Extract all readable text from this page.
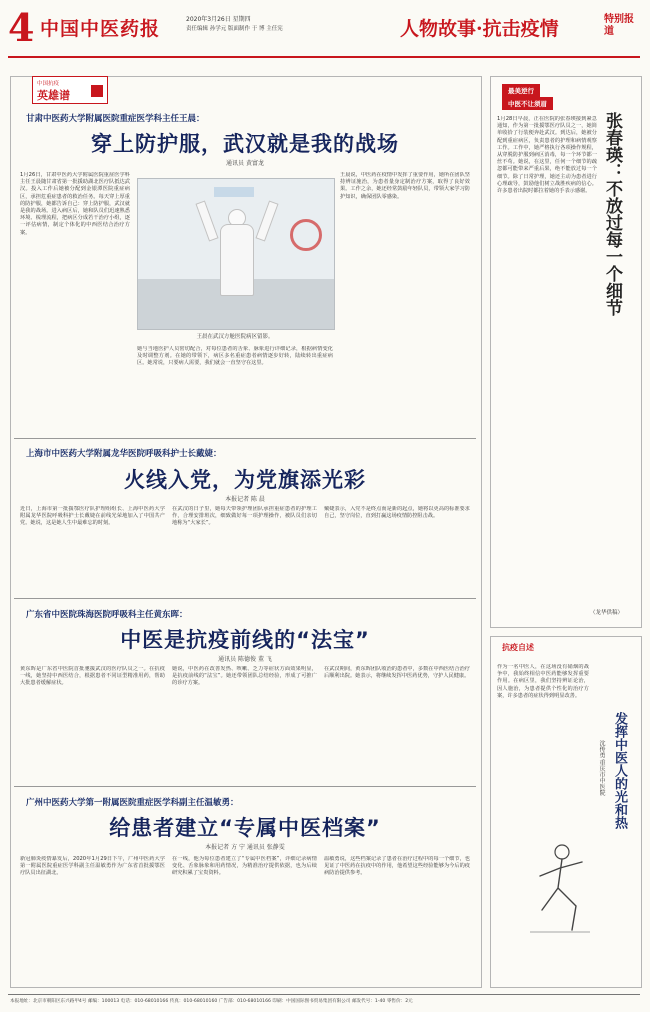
4 中国中医药报	2020年3月26日 星期四
责任编辑 孙学元 版面制作 于 博 主任宪	人物故事·抗击疫情	特别报道
中国抗疫
英雄谱
甘肃中医药大学附属医院重症医学科主任王晨：
穿上防护服，武汉就是我的战场
通讯员 黄富龙
1月26日，甘肃中医药大学附属医院重症医学科主任王晨随甘肃省第一批援助湖北医疗队抵达武汉。投入工作后她被分配到金银潭医院重症病区，承担危重症患者的救治任务。每天穿上厚重的防护服，她都告诉自己：穿上防护服，武汉就是我的战场。进入病区后，她和队员们迅速熟悉环境、梳理流程，把病区分成若干治疗小组，逐一评估病情，制定个体化的中西医结合治疗方案。
王晨在武汉方舱医院病区留影。
她与当地医护人员密切配合，对每位患者的舌象、脉象进行详细记录，根据病情变化及时调整方剂。在她的带领下，病区多名重症患者病情逐步好转，陆续转出重症病区。她常说，只要病人需要，我们就会一直坚守在这里。
王晨说，中医药在疫情中发挥了重要作用，她所在团队坚持辨证施治，为患者量身定制治疗方案，取得了良好效果。工作之余，她还经常鼓励年轻队员，带领大家学习防护知识，确保团队零感染。
上海市中医药大学附属龙华医院呼吸科护士长戴婕：
火线入党，为党旗添光彩
本报记者 陈 晨
近日，上海市第一批援鄂医疗队护理组组长、上海中医药大学附属龙华医院呼吸科护士长戴婕在前线光荣地加入了中国共产党。她说，这是她人生中最难忘的时刻。
在武汉的日子里，她每天带领护理团队承担重症患者的护理工作，合理安排班次，细致做好每一项护理操作，被队员们亲切地称为“大家长”。
戴婕表示，入党不是终点而是新的起点，她将以更高的标准要求自己，坚守岗位，直到打赢这场疫情防控阻击战。
广东省中医院珠海医院呼吸科主任黄东晖：
中医是抗疫前线的“法宝”
通讯员 陈德俊 董 飞
黄东晖是广东省中医院首批驰援武汉的医疗队员之一。在抗疫一线，她坚持中西医结合，根据患者不同证型精准用药，帮助大批患者缓解症状。
她说，中医药在改善发热、咳嗽、乏力等症状方面效果明显，是抗疫前线的“法宝”。她还带领团队总结经验，形成了可推广的诊疗方案。
在武汉期间，黄东晖团队收治的患者中，多数在中西医结合治疗后顺利出院。她表示，将继续发挥中医药优势，守护人民健康。
广州中医药大学第一附属医院重症医学科副主任温敏勇：
给患者建立“专属中医档案”
本报记者 方 宁 通讯员 张静雯
新冠肺炎疫情暴发后，2020年1月29日下午，广州中医药大学第一附属医院重症医学科副主任温敏勇作为广东省首批援鄂医疗队员出征湖北。
在一线，他为每位患者建立了“专属中医档案”，详细记录病情变化、舌象脉象和用药情况，为精准治疗提供依据，也为后续研究积累了宝贵资料。
温敏勇说，这些档案记录了患者在治疗过程中的每一个细节，也见证了中医药在抗疫中的作用，他希望这些经验能够为今后的疫病防治提供参考。
最美逆行
中医不让须眉
张春瑛：不放过每一个细节
1月28日早晨，正在医院的张春瑛接到紧急通知，作为第一批援鄂医疗队员之一，她简单收拾了行装便奔赴武汉。到达后，她被分配到重症病区，负责患者的护理和病情观察工作。工作中，她严格执行各项操作规程，从穿脱防护服到病区消毒，每一个环节都一丝不苟。她说，在这里，任何一个细节的疏忽都可能带来严重后果，绝不能放过每一个细节。除了日常护理，她还主动为患者进行心理疏导，鼓励他们树立战胜疾病的信心。许多患者出院时都拉着她的手表示感谢。
（龙华供稿）
抗疫自述
发挥中医人的光和热
沈传勇 重庆市中医院
作为一名中医人，在这场没有硝烟的战争中，我始终相信中医药能够发挥重要作用。在病区里，我们坚持辨证论治，因人施治，为患者提供个性化的治疗方案，许多患者的症状得到明显改善。
本报地址：北京市朝阳区东兴路甲4号 邮编：100013 电话：010-68010166 传真：010-68010160 广告部：010-68010166 印刷：中国国际图书贸易集团有限公司 邮发代号：1-40 零售价：2元
